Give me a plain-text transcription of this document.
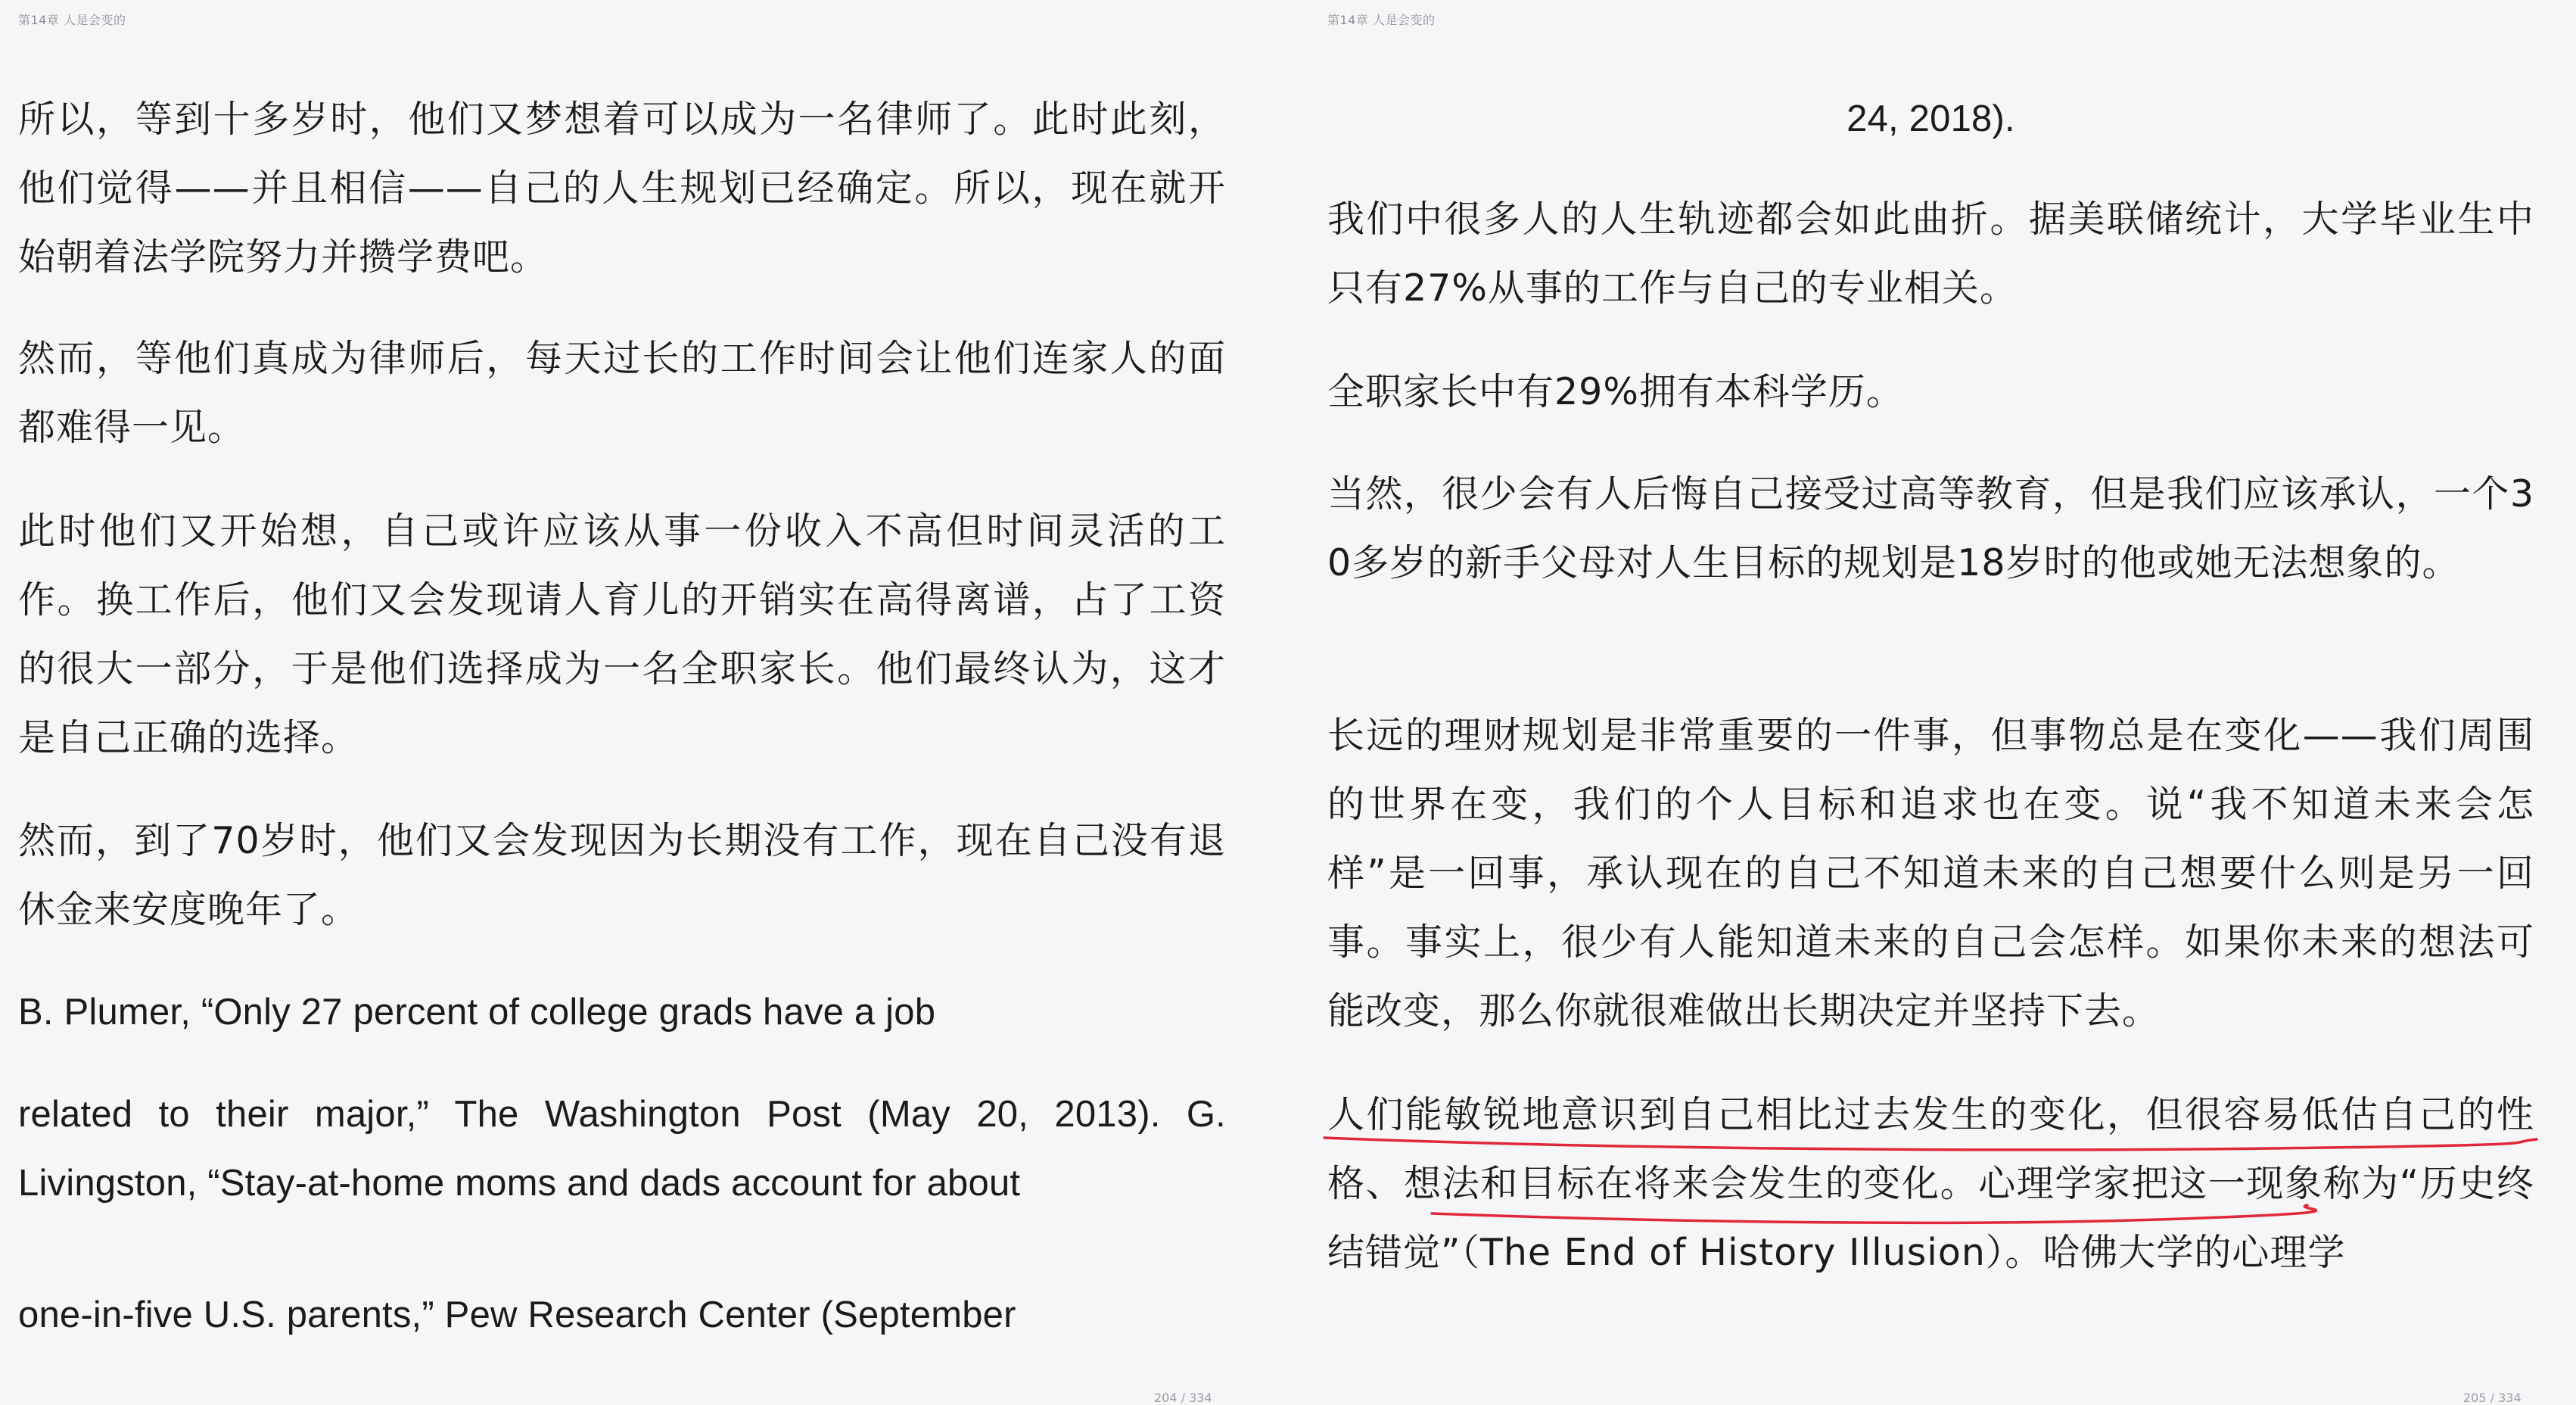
第14章 人是会变的

所以，等到十多岁时，他们又梦想着可以成为一名律师了。此时此刻，他们觉得——并且相信——自己的人生规划已经确定。所以，现在就开始朝着法学院努力并攒学费吧。

然而，等他们真成为律师后，每天过长的工作时间会让他们连家人的面都难得一见。

此时他们又开始想，自己或许应该从事一份收入不高但时间灵活的工作。换工作后，他们又会发现请人育儿的开销实在高得离谱，占了工资的很大一部分，于是他们选择成为一名全职家长。他们最终认为，这才是自己正确的选择。

然而，到了70岁时，他们又会发现因为长期没有工作，现在自己没有退休金来安度晚年了。

B. Plumer, “Only 27 percent of college grads have a job

related to their major,” The Washington Post (May 20, 2013). G. Livingston, “Stay-at-home moms and dads account for about

one-in-five U.S. parents,” Pew Research Center (September

204 / 334
第14章 人是会变的

24, 2018).

我们中很多人的人生轨迹都会如此曲折。据美联储统计，大学毕业生中只有27%从事的工作与自己的专业相关。

全职家长中有29%拥有本科学历。

当然，很少会有人后悔自己接受过高等教育，但是我们应该承认，一个30多岁的新手父母对人生目标的规划是18岁时的他或她无法想象的。

长远的理财规划是非常重要的一件事，但事物总是在变化——我们周围的世界在变，我们的个人目标和追求也在变。说“我不知道未来会怎样”是一回事，承认现在的自己不知道未来的自己想要什么则是另一回事。事实上，很少有人能知道未来的自己会怎样。如果你未来的想法可能改变，那么你就很难做出长期决定并坚持下去。

人们能敏锐地意识到自己相比过去发生的变化，但很容易低估自己的性格、想法和目标在将来会发生的变化。心理学家把这一现象称为“历史终结错觉”（The End of History Illusion）。哈佛大学的心理学

205 / 334
